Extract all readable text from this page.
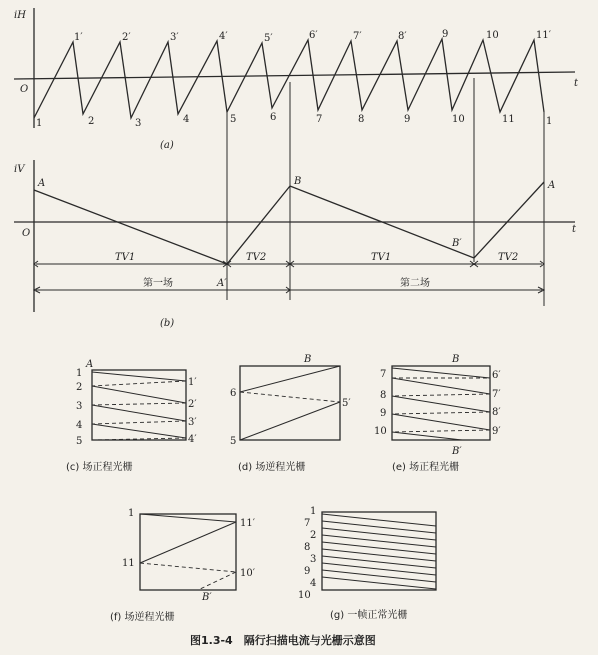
iH
O
t
1	2	3	4	5	6	7	8	9	10	11	1
1′	2′	3′	4′	5′	6′	7′	8′	9	10	11′
(a)
iV
O	t
A	B
B′
A
TV1	TV2	TV1	TV2
第一场	A′	第二场
(b)
A
1
2
3
4
5
1′
2′
3′
4′
(c) 场正程光栅
B
6
5
5′
(d) 场逆程光栅
B
B′
7
8
9
10
6′
7′
8′
9′
(e) 场正程光栅
1
11
11′
10′
B′
(f) 场逆程光栅
1
7
2
8
3
9
4
10
(g) 一帧正常光栅
图1.3-4　隔行扫描电流与光栅示意图
